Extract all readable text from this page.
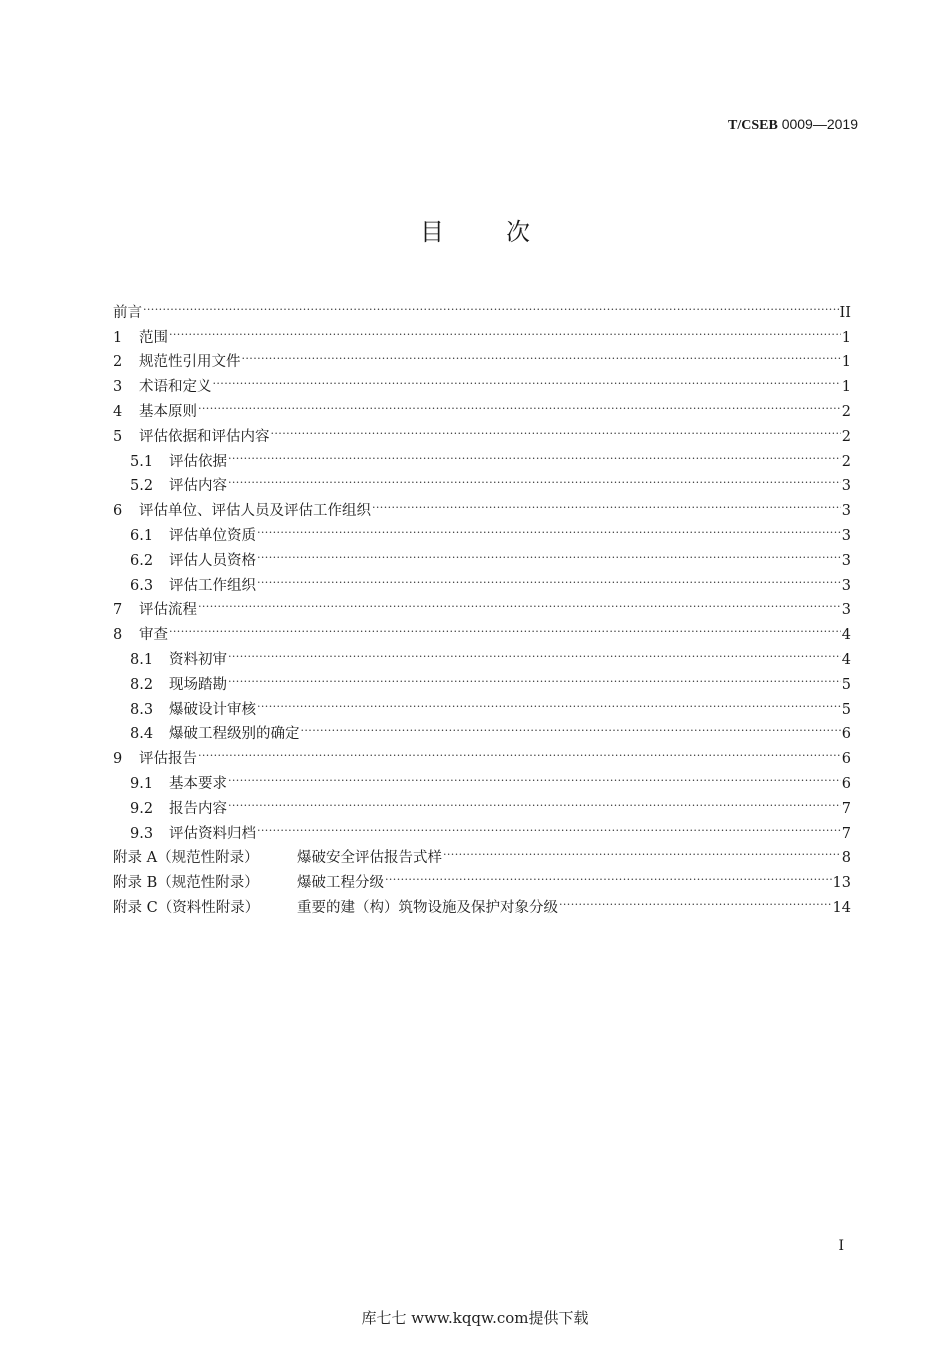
T/CSEB 0009—2019
目	次
前言 .....	II
1	范围 .....	1
2	规范性引用文件 .....	1
3	术语和定义 .....	1
4	基本原则 .....	2
5	评估依据和评估内容 .....	2
5.1	评估依据 .....	2
5.2	评估内容 .....	3
6	评估单位、评估人员及评估工作组织 .....	3
6.1	评估单位资质 .....	3
6.2	评估人员资格 .....	3
6.3	评估工作组织 .....	3
7	评估流程 .....	3
8	审查 .....	4
8.1	资料初审 .....	4
8.2	现场踏勘 .....	5
8.3	爆破设计审核 .....	5
8.4	爆破工程级别的确定 .....	6
9	评估报告 .....	6
9.1	基本要求 .....	6
9.2	报告内容 .....	7
9.3	评估资料归档 .....	7
附录 A（规范性附录）	爆破安全评估报告式样 .....	8
附录 B（规范性附录）	爆破工程分级 .....	13
附录 C（资料性附录）	重要的建（构）筑物设施及保护对象分级 .....	14
I
库七七 www.kqqw.com提供下载
